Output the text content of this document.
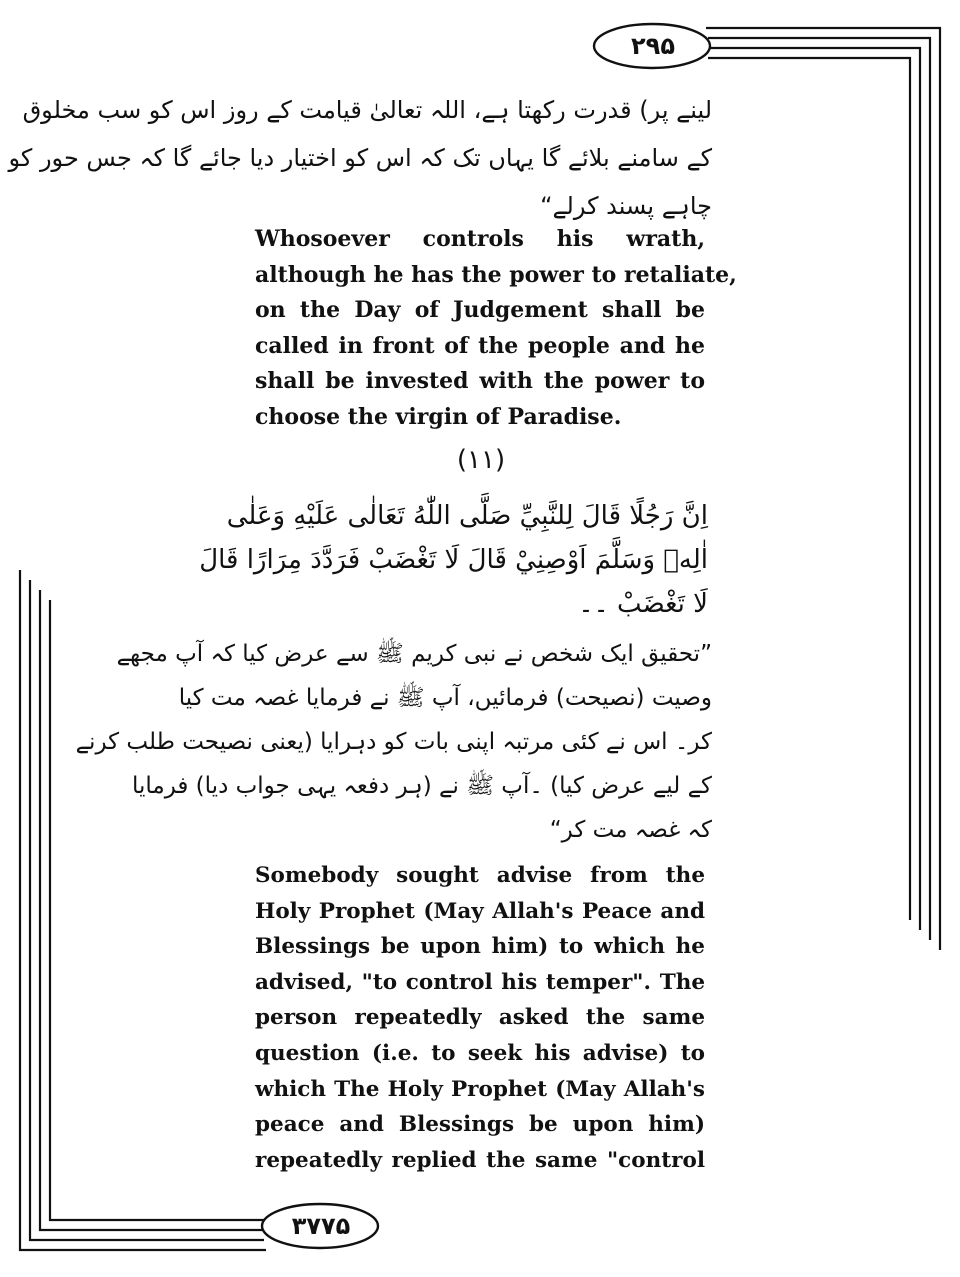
۲۹۵
۳۷۷۵
لینے پر) قدرت رکھتا ہے، اللہ تعالیٰ قیامت کے روز اس کو سب مخلوق
کے سامنے بلائے گا یہاں تک کہ اس کو اختیار دیا جائے گا کہ جس حور کو
چاہے پسند کرلے“
Whosoever controls his wrath,
although he has the power to retaliate,
on the Day of Judgement shall be
called in front of the people and he
shall be invested with the power to
choose the virgin of Paradise.
(۱۱)
اِنَّ رَجُلًا قَالَ لِلنَّبِيِّ صَلَّى اللّٰهُ تَعَالٰى عَلَيْهِ وَعَلٰى
اٰلِهٖ وَسَلَّمَ اَوْصِنِيْ قَالَ لَا تَغْضَبْ فَرَدَّدَ مِرَارًا قَالَ
لَا تَغْضَبْ ۔۔
”تحقیق ایک شخص نے نبی کریم ﷺ سے عرض کیا کہ آپ مجھے
وصیت (نصیحت) فرمائیں، آپ ﷺ نے فرمایا غصہ مت کیا
کر۔ اس نے کئی مرتبہ اپنی بات کو دہرایا (یعنی نصیحت طلب کرنے
کے لیے عرض کیا) ۔آپ ﷺ نے (ہر دفعہ یہی جواب دیا) فرمایا
کہ غصہ مت کر“
Somebody sought advise from the
Holy Prophet (May Allah's Peace and
Blessings be upon him) to which he
advised, "to control his temper". The
person repeatedly asked the same
question (i.e. to seek his advise) to
which The Holy Prophet (May Allah's
peace and Blessings be upon him)
repeatedly replied the same "control
